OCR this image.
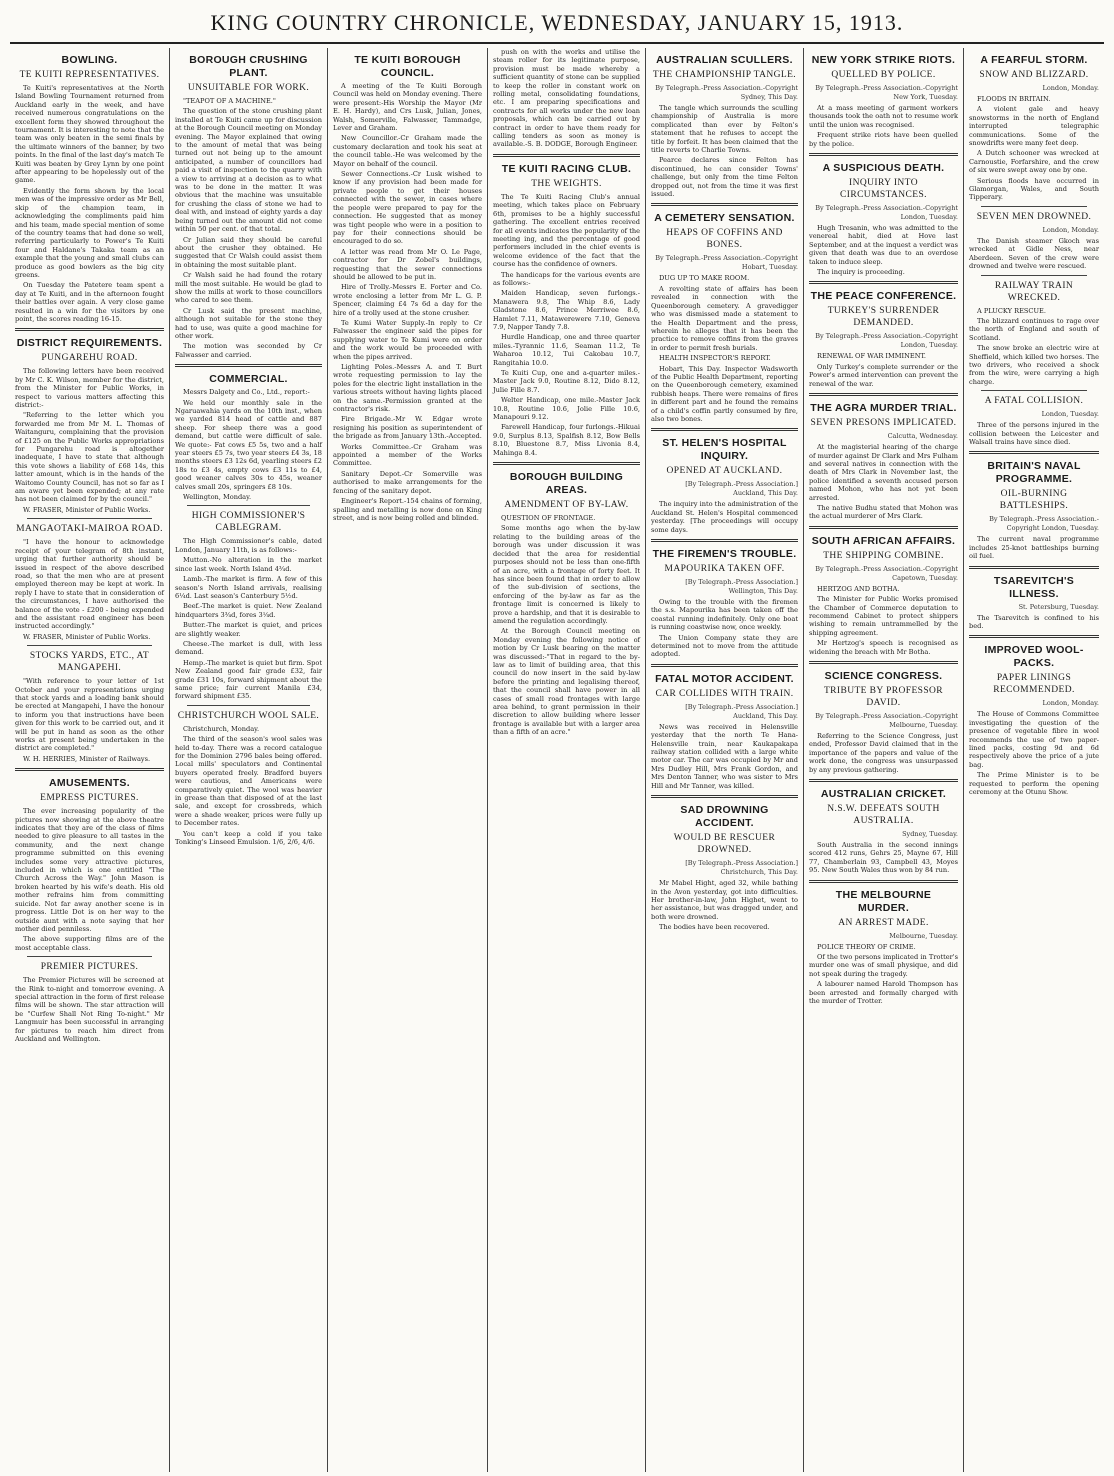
KING COUNTRY CHRONICLE, WEDNESDAY, JANUARY 15, 1913.
BOWLING.
TE KUITI REPRESENTATIVES.

Te Kuiti's representatives at the North Island Bowling Tournament returned from Auckland early in the week, and have received numerous congratulations on the excellent form they showed throughout the tournament. It is interesting to note that the team was only beaten in the semi finals by the ultimate winners of the banner, by two points. In the final of the last day's match Te Kuiti was beaten by Grey Lynn by one point after appearing to be hopelessly out of the game.

Evidently the form shown by the local men was of the impressive order as Mr Bell, skip of the champion team, in acknowledging the compliments paid him and his team, made special mention of some of the country teams that had done so well, referring particularly to Power's Te Kuiti four and Haldane's Takaka team as an example that the young and small clubs can produce as good bowlers as the big city greens.

On Tuesday the Patetere team spent a day at Te Kuiti, and in the afternoon fought their battles over again. A very close game resulted in a win for the visitors by one point, the scores reading 16-15.

DISTRICT REQUIREMENTS.
PUNGAREHU ROAD.

The following letters have been received by Mr C. K. Wilson, member for the district, from the Minister for Public Works, in respect to various matters affecting this district:-

"Referring to the letter which you forwarded me from Mr M. L. Thomas of Waitanguru, complaining that the provision of £125 on the Public Works appropriations for Pungarehu road is altogether inadequate, I have to state that although this vote shows a liability of £68 14s, this latter amount, which is in the hands of the Waitomo County Council, has not so far as I am aware yet been expended; at any rate has not been claimed for by the council."

W. FRASER, Minister of Public Works.

MANGAOTAKI-MAIROA ROAD.

"I have the honour to acknowledge receipt of your telegram of 8th instant, urging that further authority should be issued in respect of the above described road, so that the men who are at present employed thereon may be kept at work. In reply I have to state that in consideration of the circumstances, I have authorised the balance of the vote - £200 - being expended and the assistant road engineer has been instructed accordingly."

W. FRASER, Minister of Public Works.

STOCKS YARDS, ETC., AT MANGAPEHI.

"With reference to your letter of 1st October and your representations urging that stock yards and a loading bank should be erected at Mangapehi, I have the honour to inform you that instructions have been given for this work to be carried out, and it will be put in hand as soon as the other works at present being undertaken in the district are completed."

W. H. HERRIES, Minister of Railways.

AMUSEMENTS.
EMPRESS PICTURES.

The ever increasing popularity of the pictures now showing at the above theatre indicates that they are of the class of films needed to give pleasure to all tastes in the community, and the next change programme submitted on this evening includes some very attractive pictures, included in which is one entitled "The Church Across the Way." John Mason is broken hearted by his wife's death. His old mother refrains him from committing suicide. Not far away another scene is in progress. Little Dot is on her way to the outside aunt with a note saying that her mother died penniless.

The above supporting films are of the most acceptable class.

PREMIER PICTURES.

The Premier Pictures will be screened at the Rink to-night and tomorrow evening. A special attraction in the form of first release films will be shown. The star attraction will be "Curfew Shall Not Ring To-night." Mr Langmuir has been successful in arranging for pictures to reach him direct from Auckland and Wellington.

BOROUGH CRUSHING PLANT.
UNSUITABLE FOR WORK.

"TEAPOT OF A MACHINE."

The question of the stone crushing plant installed at Te Kuiti came up for discussion at the Borough Council meeting on Monday evening. The Mayor explained that owing to the amount of metal that was being turned out not being up to the amount anticipated, a number of councillors had paid a visit of inspection to the quarry with a view to arriving at a decision as to what was to be done in the matter. It was obvious that the machine was unsuitable for crushing the class of stone we had to deal with, and instead of eighty yards a day being turned out the amount did not come within 50 per cent. of that total.

Cr Julian said they should be careful about the crusher they obtained. He suggested that Cr Walsh could assist them in obtaining the most suitable plant.

Cr Walsh said he had found the rotary mill the most suitable. He would be glad to show the mills at work to those councillors who cared to see them.

Cr Lusk said the present machine, although not suitable for the stone they had to use, was quite a good machine for other work.

The motion was seconded by Cr Falwasser and carried.

COMMERCIAL.

Messrs Dalgety and Co., Ltd., report:-

We held our monthly sale in the Ngaruawahia yards on the 10th inst., when we yarded 814 head of cattle and 887 sheep. For sheep there was a good demand, but cattle were difficult of sale. We quote:- Fat cows £5 5s, two and a half year steers £5 7s, two year steers £4 3s, 18 months steers £3 12s 6d, yearling steers £2 18s to £3 4s, empty cows £3 11s to £4, good weaner calves 30s to 45s, weaner calves small 20s, springers £8 10s.

Wellington, Monday.

HIGH COMMISSIONER'S CABLEGRAM.

The High Commissioner's cable, dated London, January 11th, is as follows:-

Mutton.-No alteration in the market since last week. North Island 4¾d.

Lamb.-The market is firm. A few of this season's North Island arrivals, realising 6¼d. Last season's Canterbury 5½d.

Beef.-The market is quiet. New Zealand hindquarters 3¾d, fores 3¼d.

Butter.-The market is quiet, and prices are slightly weaker.

Cheese.-The market is dull, with less demand.

Hemp.-The market is quiet but firm. Spot New Zealand good fair grade £32, fair grade £31 10s, forward shipment about the same price; fair current Manila £34, forward shipment £35.

CHRISTCHURCH WOOL SALE.

Christchurch, Monday.

The third of the season's wool sales was held to-day. There was a record catalogue for the Dominion 2796 bales being offered. Local mills' speculators and Continental buyers operated freely. Bradford buyers were cautious, and Americans were comparatively quiet. The wool was heavier in grease than that disposed of at the last sale, and except for crossbreds, which were a shade weaker, prices were fully up to December rates.

You can't keep a cold if you take Tonking's Linseed Emulsion. 1/6, 2/6, 4/6.

TE KUITI BOROUGH COUNCIL.

A meeting of the Te Kuiti Borough Council was held on Monday evening. There were present:-His Worship the Mayor (Mr E. H. Hardy), and Crs Lusk, Julian, Jones, Walsh, Somerville, Falwasser, Tammadge, Lever and Graham.

New Councillor.-Cr Graham made the customary declaration and took his seat at the council table.-He was welcomed by the Mayor on behalf of the council.

Sewer Connections.-Cr Lusk wished to know if any provision had been made for private people to get their houses connected with the sewer, in cases where the people were prepared to pay for the connection. He suggested that as money was tight people who were in a position to pay for their connections should be encouraged to do so.

A letter was read from Mr O. Le Page, contractor for Dr Zobel's buildings, requesting that the sewer connections should be allowed to be put in.

Hire of Trolly.-Messrs E. Forter and Co. wrote enclosing a letter from Mr L. G. P. Spencer, claiming £4 7s 6d a day for the hire of a trolly used at the stone crusher.

Te Kumi Water Supply.-In reply to Cr Falwasser the engineer said the pipes for supplying water to Te Kumi were on order and the work would be proceeded with when the pipes arrived.

Lighting Poles.-Messrs A. and T. Burt wrote requesting permission to lay the poles for the electric light installation in the various streets without having lights placed on the same.-Permission granted at the contractor's risk.

Fire Brigade.-Mr W. Edgar wrote resigning his position as superintendent of the brigade as from January 13th.-Accepted.

Works Committee.-Cr Graham was appointed a member of the Works Committee.

Sanitary Depot.-Cr Somerville was authorised to make arrangements for the fencing of the sanitary depot.

Engineer's Report.-154 chains of forming, spalling and metalling is now done on King street, and is now being rolled and blinded.

push on with the works and utilise the steam roller for its legitimate purpose, provision must be made whereby a sufficient quantity of stone can be supplied to keep the roller in constant work on rolling metal, consolidating foundations, etc. I am preparing specifications and contracts for all works under the new loan proposals, which can be carried out by contract in order to have them ready for calling tenders as soon as money is available.-S. B. DODGE, Borough Engineer.

TE KUITI RACING CLUB.
THE WEIGHTS.

The Te Kuiti Racing Club's annual meeting, which takes place on February 6th, promises to be a highly successful gathering. The excellent entries received for all events indicates the popularity of the meeting ing, and the percentage of good performers included in the chief events is welcome evidence of the fact that the course has the confidence of owners.

The handicaps for the various events are as follows:-

Maiden Handicap, seven furlongs.-Manawera 9.8, The Whip 8.6, Lady Gladstone 8.6, Prince Merriwee 8.6, Hamlet 7.11, Matawerewere 7.10, Geneva 7.9, Napper Tandy 7.8.

Hurdle Handicap, one and three quarter miles.-Tyrannic 11.6, Seaman 11.2, Te Waharoa 10.12, Tui Cakobau 10.7, Rangitahia 10.0.

Te Kuiti Cup, one and a-quarter miles.-Master Jack 9.0, Routine 8.12, Dido 8.12, Julie Fille 8.7.

Welter Handicap, one mile.-Master Jack 10.8, Routine 10.6, Jolie Fille 10.6, Manapouri 9.12.

Farewell Handicap, four furlongs.-Hikuai 9.0, Surplus 8.13, Spalfish 8.12, Bow Bells 8.10, Bluestone 8.7, Miss Livonia 8.4, Mahinga 8.4.

BOROUGH BUILDING AREAS.
AMENDMENT OF BY-LAW.

QUESTION OF FRONTAGE.

Some months ago when the by-law relating to the building areas of the borough was under discussion it was decided that the area for residential purposes should not be less than one-fifth of an acre, with a frontage of forty feet. It has since been found that in order to allow of the sub-division of sections, the enforcing of the by-law as far as the frontage limit is concerned is likely to prove a hardship, and that it is desirable to amend the regulation accordingly.

At the Borough Council meeting on Monday evening the following notice of motion by Cr Lusk bearing on the matter was discussed:-"That in regard to the by-law as to limit of building area, that this council do now insert in the said by-law before the printing and legalising thereof, that the council shall have power in all cases of small road frontages with large area behind, to grant permission in their discretion to allow building where lesser frontage is available but with a larger area than a fifth of an acre."

AUSTRALIAN SCULLERS.
THE CHAMPIONSHIP TANGLE.
By Telegraph.-Press Association.-Copyright Sydney, This Day.

The tangle which surrounds the sculling championship of Australia is more complicated than ever by Felton's statement that he refuses to accept the title by forfeit. It has been claimed that the title reverts to Charlie Towns.

Pearce declares since Felton has discontinued, he can consider Towns' challenge, but only from the time Felton dropped out, not from the time it was first issued.

A CEMETERY SENSATION.
HEAPS OF COFFINS AND BONES.
By Telegraph.-Press Association.-Copyright Hobart, Tuesday.

DUG UP TO MAKE ROOM.

A revolting state of affairs has been revealed in connection with the Queenborough cemetery. A gravedigger who was dismissed made a statement to the Health Department and the press, wherein he alleges that it has been the practice to remove coffins from the graves in order to permit fresh burials.

HEALTH INSPECTOR'S REPORT.

Hobart, This Day. Inspector Wadsworth of the Public Health Department, reporting on the Queenborough cemetery, examined rubbish heaps. There were remains of fires in different part and he found the remains of a child's coffin partly consumed by fire, also two bones.

ST. HELEN'S HOSPITAL INQUIRY.
OPENED AT AUCKLAND.
[By Telegraph.-Press Association.] Auckland, This Day.

The inquiry into the administration of the Auckland St. Helen's Hospital commenced yesterday. [The proceedings will occupy some days.

THE FIREMEN'S TROUBLE.
MAPOURIKA TAKEN OFF.
[By Telegraph.-Press Association.] Wellington, This Day.

Owing to the trouble with the firemen the s.s. Mapourika has been taken off the coastal running indefinitely. Only one boat is running coastwise now, once weekly.

The Union Company state they are determined not to move from the attitude adopted.

FATAL MOTOR ACCIDENT.
CAR COLLIDES WITH TRAIN.
[By Telegraph.-Press Association.] Auckland, This Day.

News was received in Helensville yesterday that the north Te Hana-Helensville train, near Kaukapakapa railway station collided with a large white motor car. The car was occupied by Mr and Mrs Dudley Hill, Mrs Frank Gordon, and Mrs Denton Tanner, who was sister to Mrs Hill and Mr Tanner, was killed.

SAD DROWNING ACCIDENT.
WOULD BE RESCUER DROWNED.
[By Telegraph.-Press Association.] Christchurch, This Day.

Mr Mabel Hight, aged 32, while bathing in the Avon yesterday, got into difficulties. Her brother-in-law, John Highet, went to her assistance, but was dragged under, and both were drowned.

The bodies have been recovered.

NEW YORK STRIKE RIOTS.
QUELLED BY POLICE.
By Telegraph.-Press Association.-Copyright New York, Tuesday.

At a mass meeting of garment workers thousands took the oath not to resume work until the union was recognised.

Frequent strike riots have been quelled by the police.

A SUSPICIOUS DEATH.
INQUIRY INTO CIRCUMSTANCES.
By Telegraph.-Press Association.-Copyright London, Tuesday.

Hugh Tresanin, who was admitted to the venereal habit, died at Hove last September, and at the inquest a verdict was given that death was due to an overdose taken to induce sleep.

The inquiry is proceeding.

THE PEACE CONFERENCE.
TURKEY'S SURRENDER DEMANDED.
By Telegraph.-Press Association.-Copyright London, Tuesday.

RENEWAL OF WAR IMMINENT.

Only Turkey's complete surrender or the Power's armed intervention can prevent the renewal of the war.

THE AGRA MURDER TRIAL.
SEVEN PRESONS IMPLICATED.
Calcutta, Wednesday.

At the magisterial hearing of the charge of murder against Dr Clark and Mrs Fulham and several natives in connection with the death of Mrs Clark in November last, the police identified a seventh accused person named Mohon, who has not yet been arrested.

The native Budhu stated that Mohon was the actual murderer of Mrs Clark.

SOUTH AFRICAN AFFAIRS.
THE SHIPPING COMBINE.
By Telegraph.-Press Association.-Copyright Capetown, Tuesday.

HERTZOG AND BOTHA.

The Minister for Public Works promised the Chamber of Commerce deputation to recommend Cabinet to protect shippers wishing to remain untrammelled by the shipping agreement.

Mr Hertzog's speech is recognised as widening the breach with Mr Botha.

SCIENCE CONGRESS.
TRIBUTE BY PROFESSOR DAVID.
By Telegraph.-Press Association.-Copyright Melbourne, Tuesday.

Referring to the Science Congress, just ended, Professor David claimed that in the importance of the papers and value of the work done, the congress was unsurpassed by any previous gathering.

AUSTRALIAN CRICKET.
N.S.W. DEFEATS SOUTH AUSTRALIA.
Sydney, Tuesday.

South Australia in the second innings scored 412 runs, Gehrs 25, Mayne 67, Hill 77, Chamberlain 93, Campbell 43, Moyes 95. New South Wales thus won by 84 run.

THE MELBOURNE MURDER.
AN ARREST MADE.
Melbourne, Tuesday.

POLICE THEORY OF CRIME.

Of the two persons implicated in Trotter's murder one was of small physique, and did not speak during the tragedy.

A labourer named Harold Thompson has been arrested and formally charged with the murder of Trotter.

A FEARFUL STORM.
SNOW AND BLIZZARD.
London, Monday.

FLOODS IN BRITAIN.

A violent gale and heavy snowstorms in the north of England interrupted telegraphic communications. Some of the snowdrifts were many feet deep.

A Dutch schooner was wrecked at Carnoustie, Forfarshire, and the crew of six were swept away one by one.

Serious floods have occurred in Glamorgan, Wales, and South Tipperary.

SEVEN MEN DROWNED.
London, Monday.

The Danish steamer Gkoch was wrecked at Gidle Ness, near Aberdeen. Seven of the crew were drowned and twelve were rescued.

RAILWAY TRAIN WRECKED.

A PLUCKY RESCUE.

The blizzard continues to rage over the north of England and south of Scotland.

The snow broke an electric wire at Sheffield, which killed two horses. The two drivers, who received a shock from the wire, were carrying a high charge.

A FATAL COLLISION.
London, Tuesday.

Three of the persons injured in the collision between the Leicester and Walsall trains have since died.

BRITAIN'S NAVAL PROGRAMME.
OIL-BURNING BATTLESHIPS.
By Telegraph.-Press Association.-Copyright London, Tuesday.

The current naval programme includes 25-knot battleships burning oil fuel.

TSAREVITCH'S ILLNESS.
St. Petersburg, Tuesday.

The Tsarevitch is confined to his bed.

IMPROVED WOOL-PACKS.
PAPER LININGS RECOMMENDED.
London, Monday.

The House of Commons Committee investigating the question of the presence of vegetable fibre in wool recommends the use of two paper-lined packs, costing 9d and 6d respectively above the price of a jute bag.

The Prime Minister is to be requested to perform the opening ceremony at the Otunu Show.
